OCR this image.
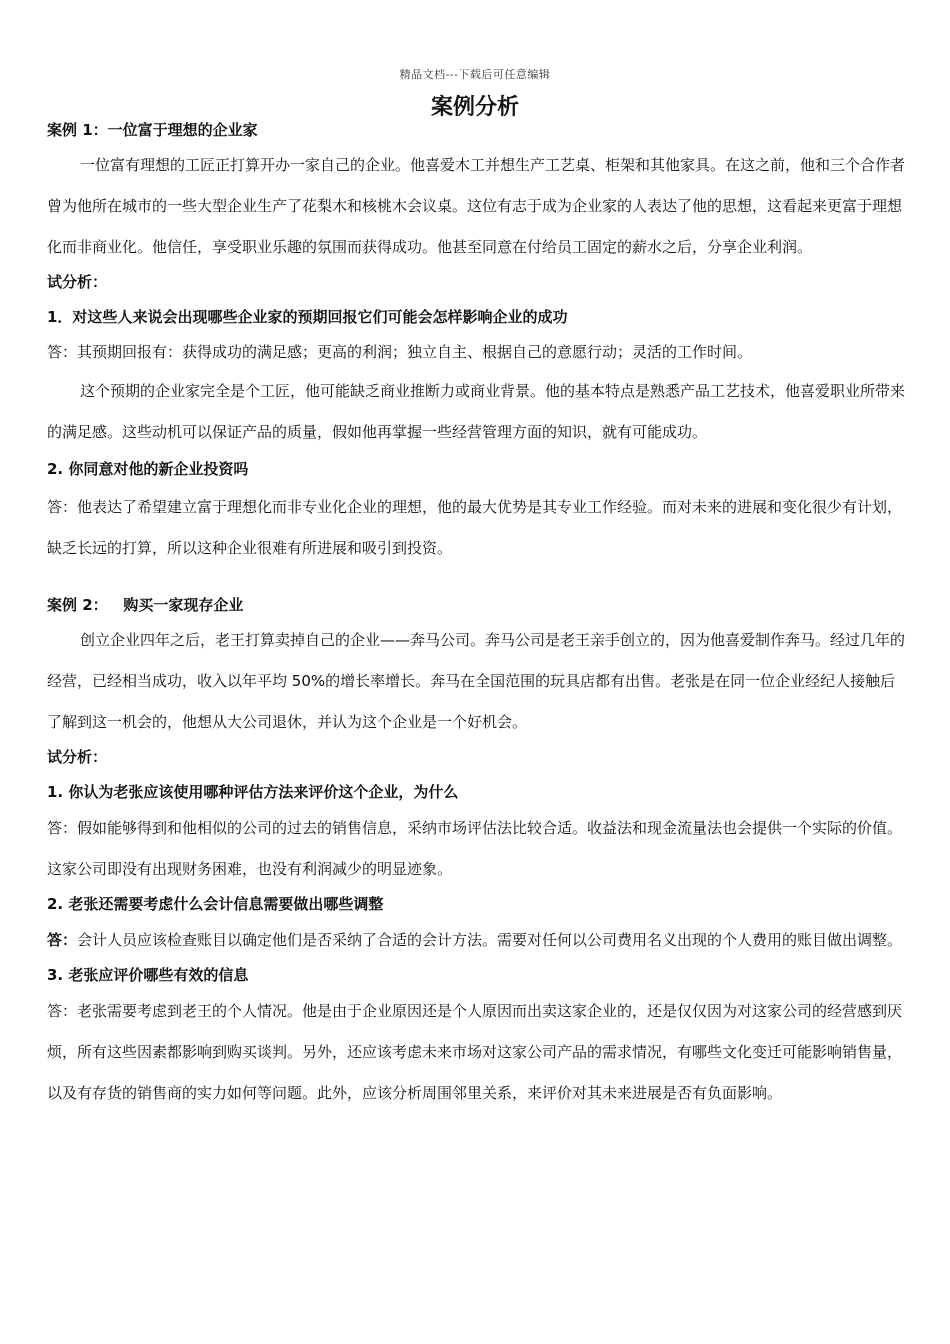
精品文档---下载后可任意编辑
案例分析

案例 1：一位富于理想的企业家

一位富有理想的工匠正打算开办一家自己的企业。他喜爱木工并想生产工艺桌、柜架和其他家具。在这之前，他和三个合作者曾为他所在城市的一些大型企业生产了花梨木和核桃木会议桌。这位有志于成为企业家的人表达了他的思想，这看起来更富于理想化而非商业化。他信任，享受职业乐趣的氛围而获得成功。他甚至同意在付给员工固定的薪水之后，分享企业利润。

试分析：

1．对这些人来说会出现哪些企业家的预期回报它们可能会怎样影响企业的成功

答：其预期回报有：获得成功的满足感；更高的利润；独立自主、根据自己的意愿行动；灵活的工作时间。

这个预期的企业家完全是个工匠，他可能缺乏商业推断力或商业背景。他的基本特点是熟悉产品工艺技术，他喜爱职业所带来的满足感。这些动机可以保证产品的质量，假如他再掌握一些经营管理方面的知识，就有可能成功。

2. 你同意对他的新企业投资吗

答：他表达了希望建立富于理想化而非专业化企业的理想，他的最大优势是其专业工作经验。而对未来的进展和变化很少有计划，缺乏长远的打算，所以这种企业很难有所进展和吸引到投资。

案例 2：   购买一家现存企业

创立企业四年之后，老王打算卖掉自己的企业——奔马公司。奔马公司是老王亲手创立的，因为他喜爱制作奔马。经过几年的经营，已经相当成功，收入以年平均 50%的增长率增长。奔马在全国范围的玩具店都有出售。老张是在同一位企业经纪人接触后了解到这一机会的，他想从大公司退休，并认为这个企业是一个好机会。

试分析：

1. 你认为老张应该使用哪种评估方法来评价这个企业，为什么

答：假如能够得到和他相似的公司的过去的销售信息，采纳市场评估法比较合适。收益法和现金流量法也会提供一个实际的价值。这家公司即没有出现财务困难，也没有利润减少的明显迹象。

2. 老张还需要考虑什么会计信息需要做出哪些调整

答：会计人员应该检查账目以确定他们是否采纳了合适的会计方法。需要对任何以公司费用名义出现的个人费用的账目做出调整。

3. 老张应评价哪些有效的信息

答：老张需要考虑到老王的个人情况。他是由于企业原因还是个人原因而出卖这家企业的，还是仅仅因为对这家公司的经营感到厌烦，所有这些因素都影响到购买谈判。另外，还应该考虑未来市场对这家公司产品的需求情况，有哪些文化变迁可能影响销售量，以及有存货的销售商的实力如何等问题。此外，应该分析周围邻里关系，来评价对其未来进展是否有负面影响。
